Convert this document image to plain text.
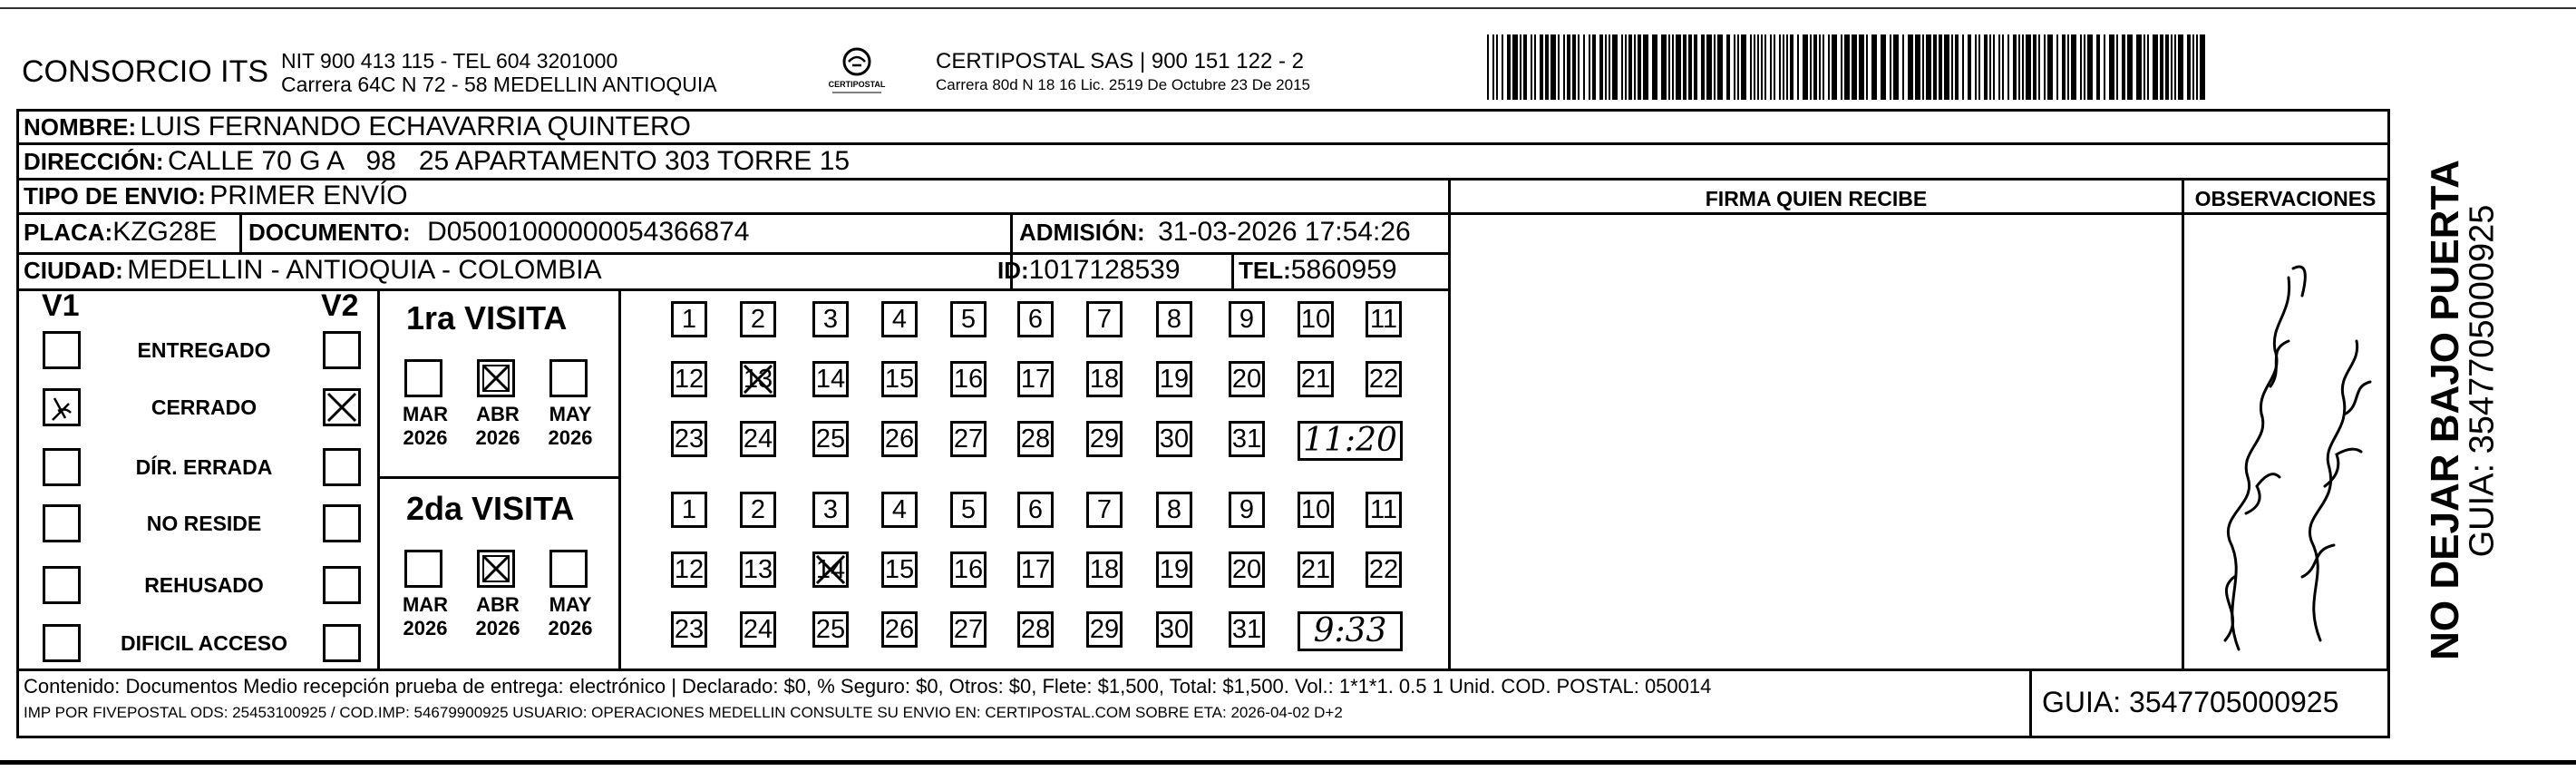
CONSORCIO ITS NIT 900 413 115 - TEL 604 3201000
Carrera 64C N 72 - 58 MEDELLIN ANTIOQUIA	CERTIPOSTAL
CERTIPOSTAL SAS | 900 151 122 - 2
Carrera 80d N 18 16 Lic. 2519 De Octubre 23 De 2015
NOMBRE: LUIS FERNANDO ECHAVARRIA QUINTERO
DIRECCIÓN: CALLE 70 G A   98   25 APARTAMENTO 303 TORRE 15
TIPO DE ENVIO: PRIMER ENVÍO	FIRMA QUIEN RECIBE	OBSERVACIONES
PLACA:KZG28E DOCUMENTO: D05001000000054366874	ADMISIÓN: 31-03-2026 17:54:26
CIUDAD: MEDELLIN - ANTIOQUIA - COLOMBIA	ID:1017128539 TEL:5860959
V1	V2
ENTREGADO
CERRADO
DÍR. ERRADA
NO RESIDE
REHUSADO
DIFICIL ACCESO
1ra VISITA
MAR
2026
ABR
2026
MAY
2026
1 2 3 4 5 6 7 8 9 10 11
12 13 14 15 16 17 18 19 20 21 22
23 24 25 26 27 28 29 30 31 11:20
2da VISITA
MAR
2026
ABR
2026
MAY
2026
1 2 3 4 5 6 7 8 9 10 11
12 13 14 15 16 17 18 19 20 21 22
23 24 25 26 27 28 29 30 31	9:33
Contenido: Documentos Medio recepción prueba de entrega: electrónico | Declarado: $0, % Seguro: $0, Otros: $0, Flete: $1,500, Total: $1,500. Vol.: 1*1*1. 0.5 1 Unid. COD. POSTAL: 050014
IMP POR FIVEPOSTAL ODS: 25453100925 / COD.IMP: 54679900925 USUARIO: OPERACIONES MEDELLIN CONSULTE SU ENVIO EN: CERTIPOSTAL.COM SOBRE ETA: 2026-04-02 D+2	GUIA: 3547705000925
NO DEJAR BAJO PUERTA
GUIA: 3547705000925
